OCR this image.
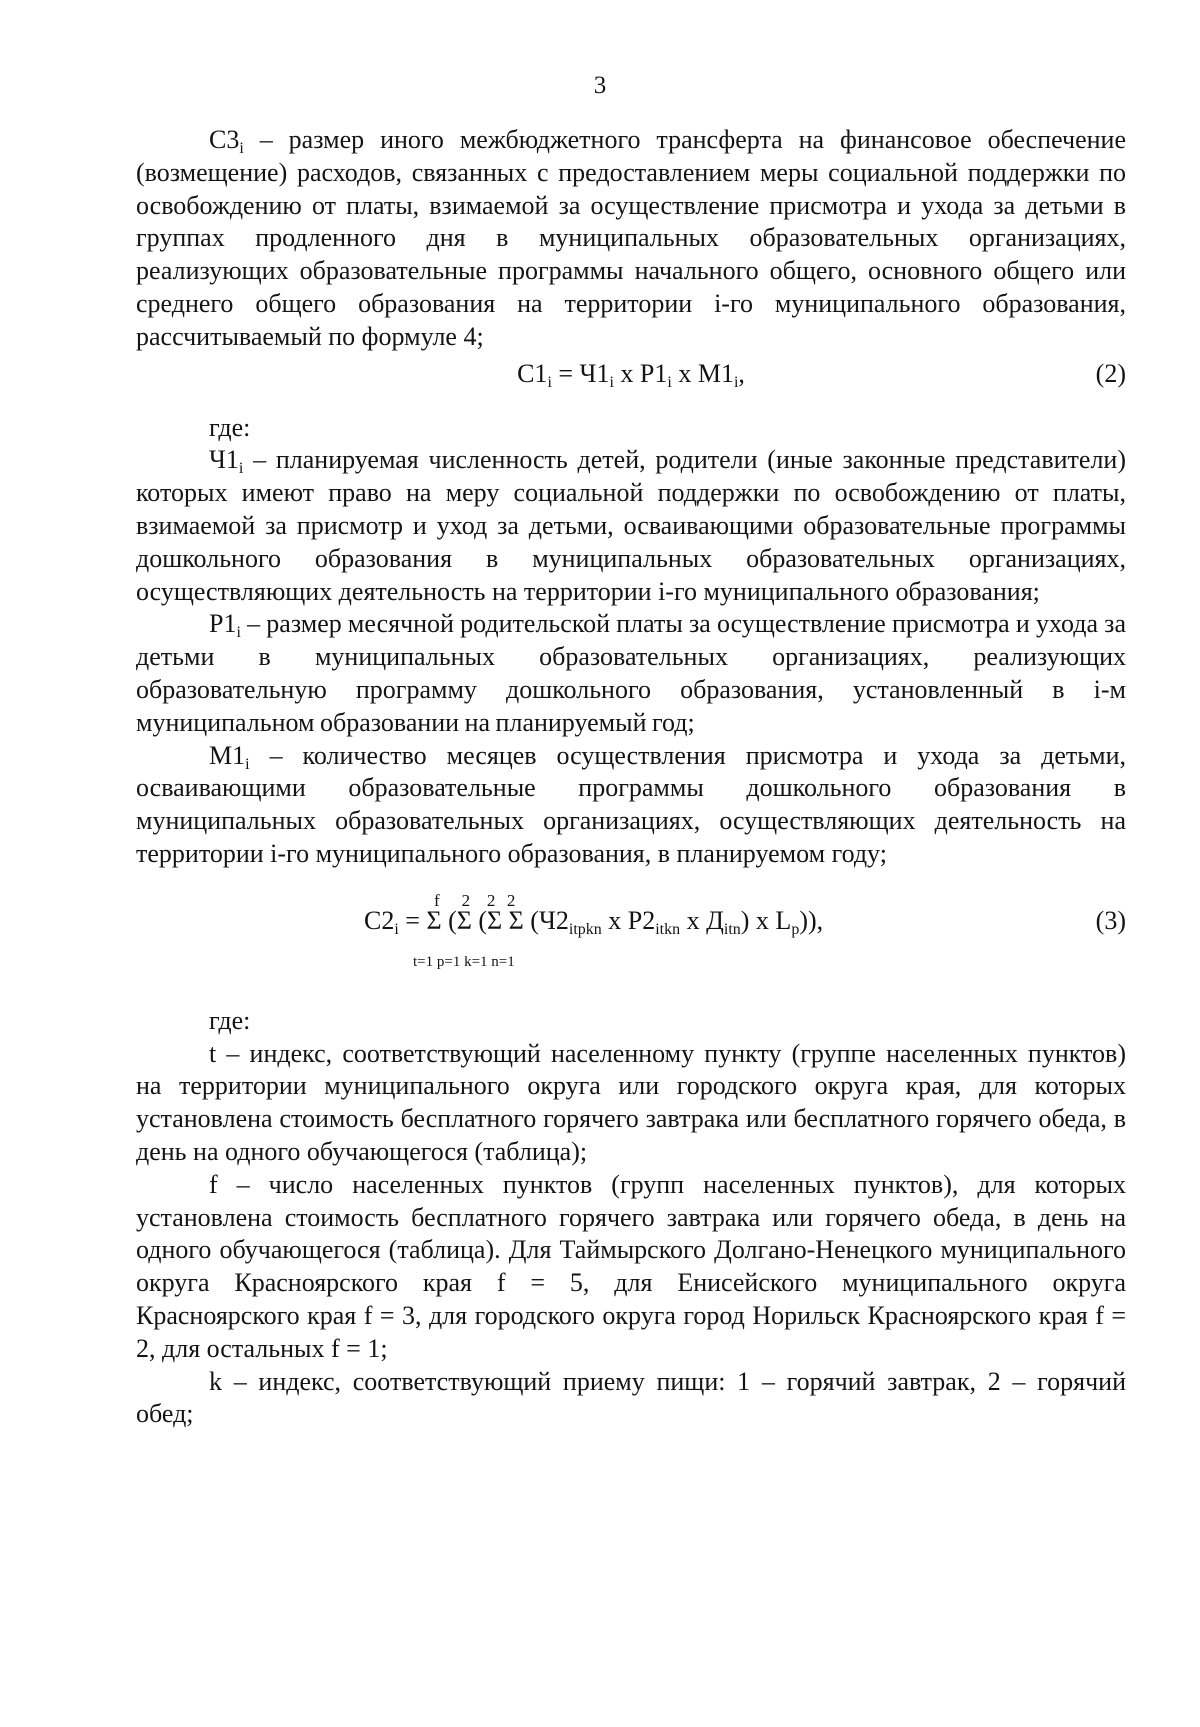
3

$С3_i$ – размер иного межбюджетного трансферта на финансовое обеспечение (возмещение) расходов, связанных с предоставлением меры социальной поддержки по освобождению от платы, взимаемой за осуществление присмотра и ухода за детьми в группах продленного дня в муниципальных образовательных организациях, реализующих образовательные программы начального общего, основного общего или среднего общего образования на территории i-го муниципального образования, рассчитываемый по формуле 4;

$С1_i = Ч1_i$ х $Р1_i$ х $М1_i$,	(2)

где:

$Ч1_i$ – планируемая численность детей, родители (иные законные представители) которых имеют право на меру социальной поддержки по освобождению от платы, взимаемой за присмотр и уход за детьми, осваивающими образовательные программы дошкольного образования в муниципальных образовательных организациях, осуществляющих деятельность на территории i-го муниципального образования;

$Р1_i$ – размер месячной родительской платы за осуществление присмотра и ухода за детьми в муниципальных образовательных организациях, реализующих образовательную программу дошкольного образования, установленный в i-м муниципальном образовании на планируемый год;

$М1_i$ – количество месяцев осуществления присмотра и ухода за детьми, осваивающими образовательные программы дошкольного образования в муниципальных образовательных организациях, осуществляющих деятельность на территории i-го муниципального образования, в планируемом году;

f    2   2  2
$С2_i = \Sigma$ (Σ (Σ Σ ($Ч2_{itpkn}$ х $Р2_{itkn}$ х $Д_{itn}$) х $L_p$)),
t=1 p=1 k=1 n=1
(3)

где:

t – индекс, соответствующий населенному пункту (группе населенных пунктов) на территории муниципального округа или городского округа края, для которых установлена стоимость бесплатного горячего завтрака или бесплатного горячего обеда, в день на одного обучающегося (таблица);

f – число населенных пунктов (групп населенных пунктов), для которых установлена стоимость бесплатного горячего завтрака или горячего обеда, в день на одного обучающегося (таблица). Для Таймырского Долгано-Ненецкого муниципального округа Красноярского края f = 5, для Енисейского муниципального округа Красноярского края f = 3, для городского округа город Норильск Красноярского края f = 2, для остальных f = 1;

k – индекс, соответствующий приему пищи: 1 – горячий завтрак, 2 – горячий обед;
